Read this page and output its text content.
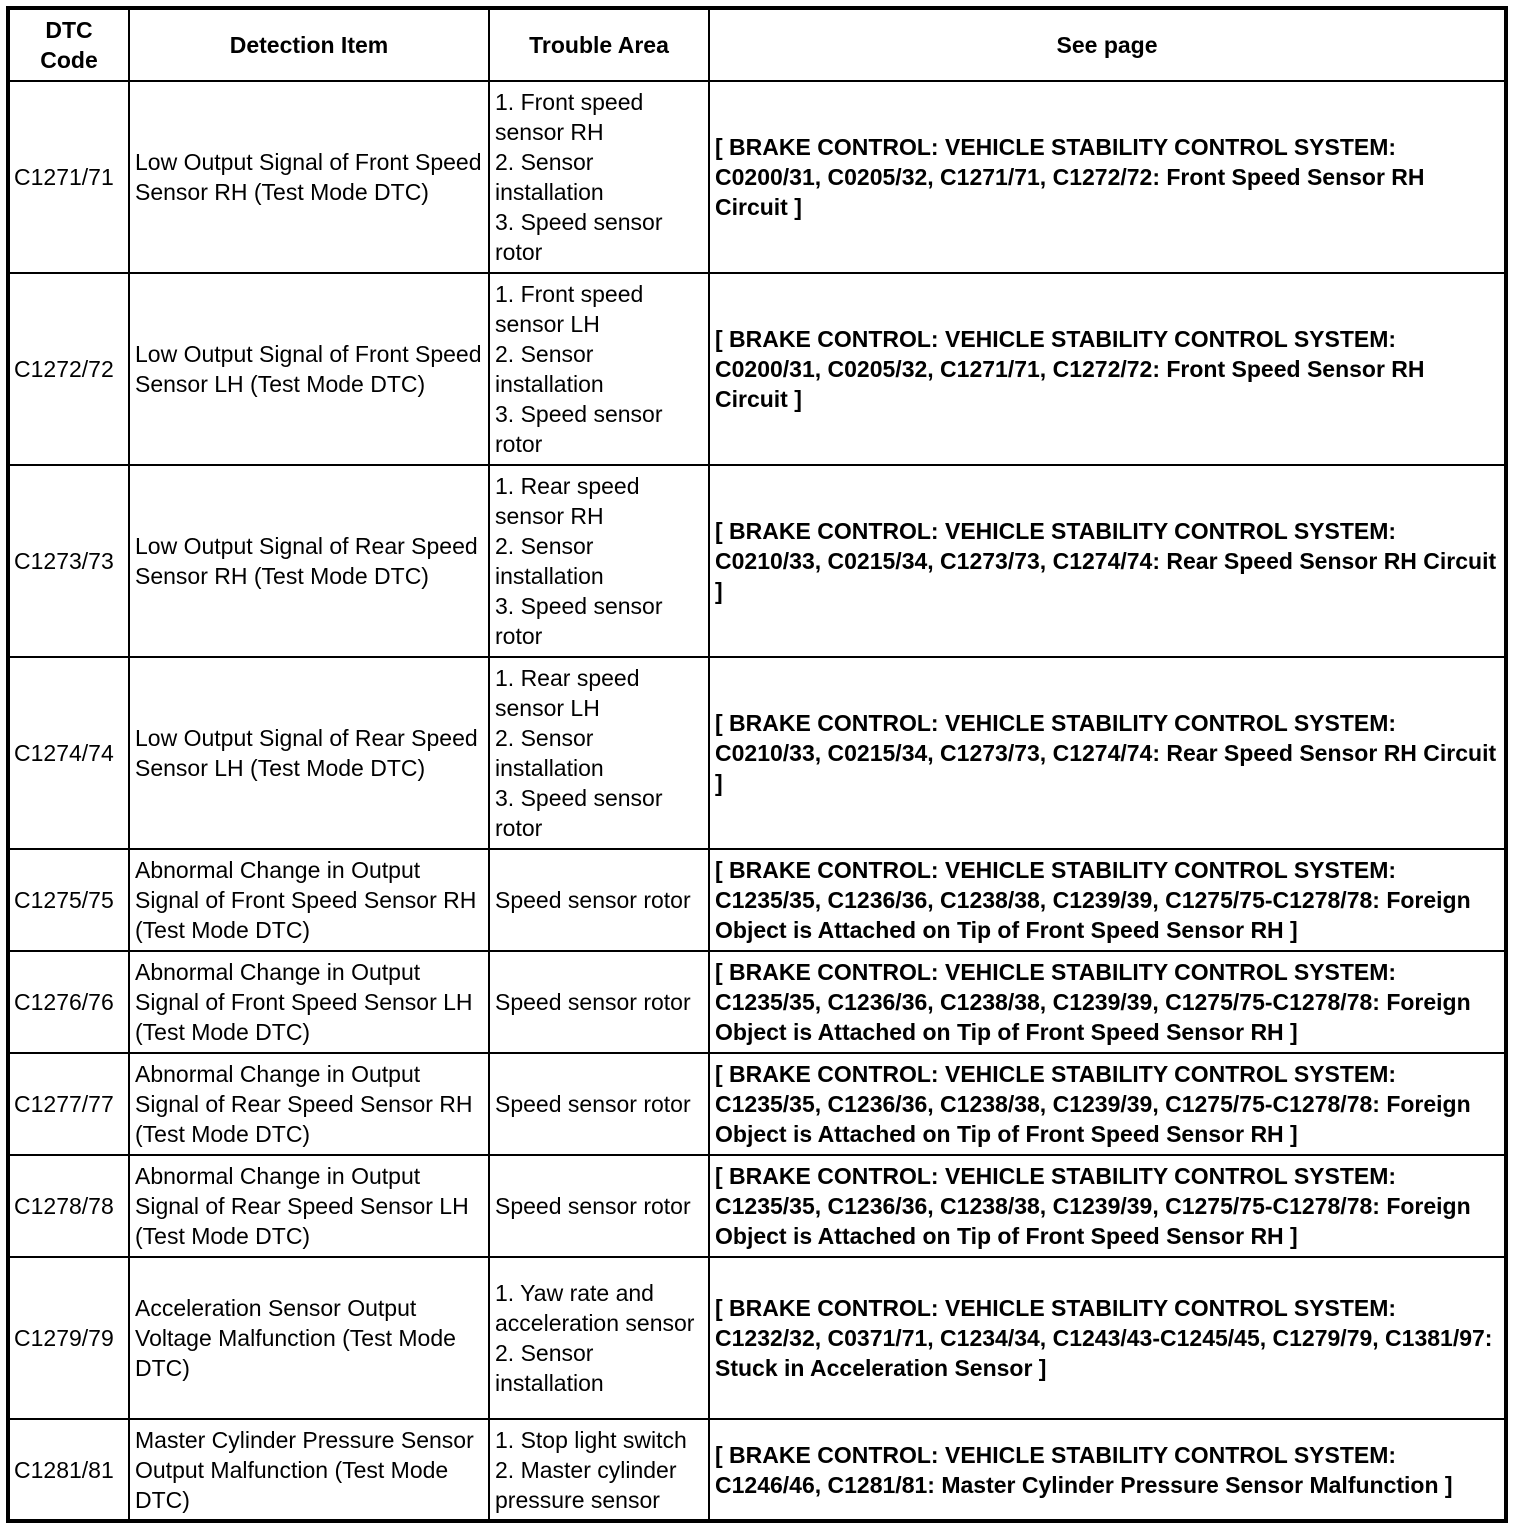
DTC Code	Detection Item	Trouble Area	See page
C1271/71	Low Output Signal of Front Speed Sensor RH (Test Mode DTC)	1. Front speed sensor RH
2. Sensor installation
3. Speed sensor rotor	[ BRAKE CONTROL: VEHICLE STABILITY CONTROL SYSTEM: C0200/31, C0205/32, C1271/71, C1272/72: Front Speed Sensor RH Circuit ]
C1272/72	Low Output Signal of Front Speed Sensor LH (Test Mode DTC)	1. Front speed sensor LH
2. Sensor installation
3. Speed sensor rotor	[ BRAKE CONTROL: VEHICLE STABILITY CONTROL SYSTEM: C0200/31, C0205/32, C1271/71, C1272/72: Front Speed Sensor RH Circuit ]
C1273/73	Low Output Signal of Rear Speed Sensor RH (Test Mode DTC)	1. Rear speed sensor RH
2. Sensor installation
3. Speed sensor rotor	[ BRAKE CONTROL: VEHICLE STABILITY CONTROL SYSTEM: C0210/33, C0215/34, C1273/73, C1274/74: Rear Speed Sensor RH Circuit ]
C1274/74	Low Output Signal of Rear Speed Sensor LH (Test Mode DTC)	1. Rear speed sensor LH
2. Sensor installation
3. Speed sensor rotor	[ BRAKE CONTROL: VEHICLE STABILITY CONTROL SYSTEM: C0210/33, C0215/34, C1273/73, C1274/74: Rear Speed Sensor RH Circuit ]
C1275/75	Abnormal Change in Output Signal of Front Speed Sensor RH (Test Mode DTC)	Speed sensor rotor	[ BRAKE CONTROL: VEHICLE STABILITY CONTROL SYSTEM: C1235/35, C1236/36, C1238/38, C1239/39, C1275/75-C1278/78: Foreign Object is Attached on Tip of Front Speed Sensor RH ]
C1276/76	Abnormal Change in Output Signal of Front Speed Sensor LH (Test Mode DTC)	Speed sensor rotor	[ BRAKE CONTROL: VEHICLE STABILITY CONTROL SYSTEM: C1235/35, C1236/36, C1238/38, C1239/39, C1275/75-C1278/78: Foreign Object is Attached on Tip of Front Speed Sensor RH ]
C1277/77	Abnormal Change in Output Signal of Rear Speed Sensor RH (Test Mode DTC)	Speed sensor rotor	[ BRAKE CONTROL: VEHICLE STABILITY CONTROL SYSTEM: C1235/35, C1236/36, C1238/38, C1239/39, C1275/75-C1278/78: Foreign Object is Attached on Tip of Front Speed Sensor RH ]
C1278/78	Abnormal Change in Output Signal of Rear Speed Sensor LH (Test Mode DTC)	Speed sensor rotor	[ BRAKE CONTROL: VEHICLE STABILITY CONTROL SYSTEM: C1235/35, C1236/36, C1238/38, C1239/39, C1275/75-C1278/78: Foreign Object is Attached on Tip of Front Speed Sensor RH ]
C1279/79	Acceleration Sensor Output Voltage Malfunction (Test Mode DTC)	1. Yaw rate and acceleration sensor
2. Sensor installation	[ BRAKE CONTROL: VEHICLE STABILITY CONTROL SYSTEM: C1232/32, C0371/71, C1234/34, C1243/43-C1245/45, C1279/79, C1381/97: Stuck in Acceleration Sensor ]
C1281/81	Master Cylinder Pressure Sensor Output Malfunction (Test Mode DTC)	1. Stop light switch
2. Master cylinder pressure sensor	[ BRAKE CONTROL: VEHICLE STABILITY CONTROL SYSTEM: C1246/46, C1281/81: Master Cylinder Pressure Sensor Malfunction ]
